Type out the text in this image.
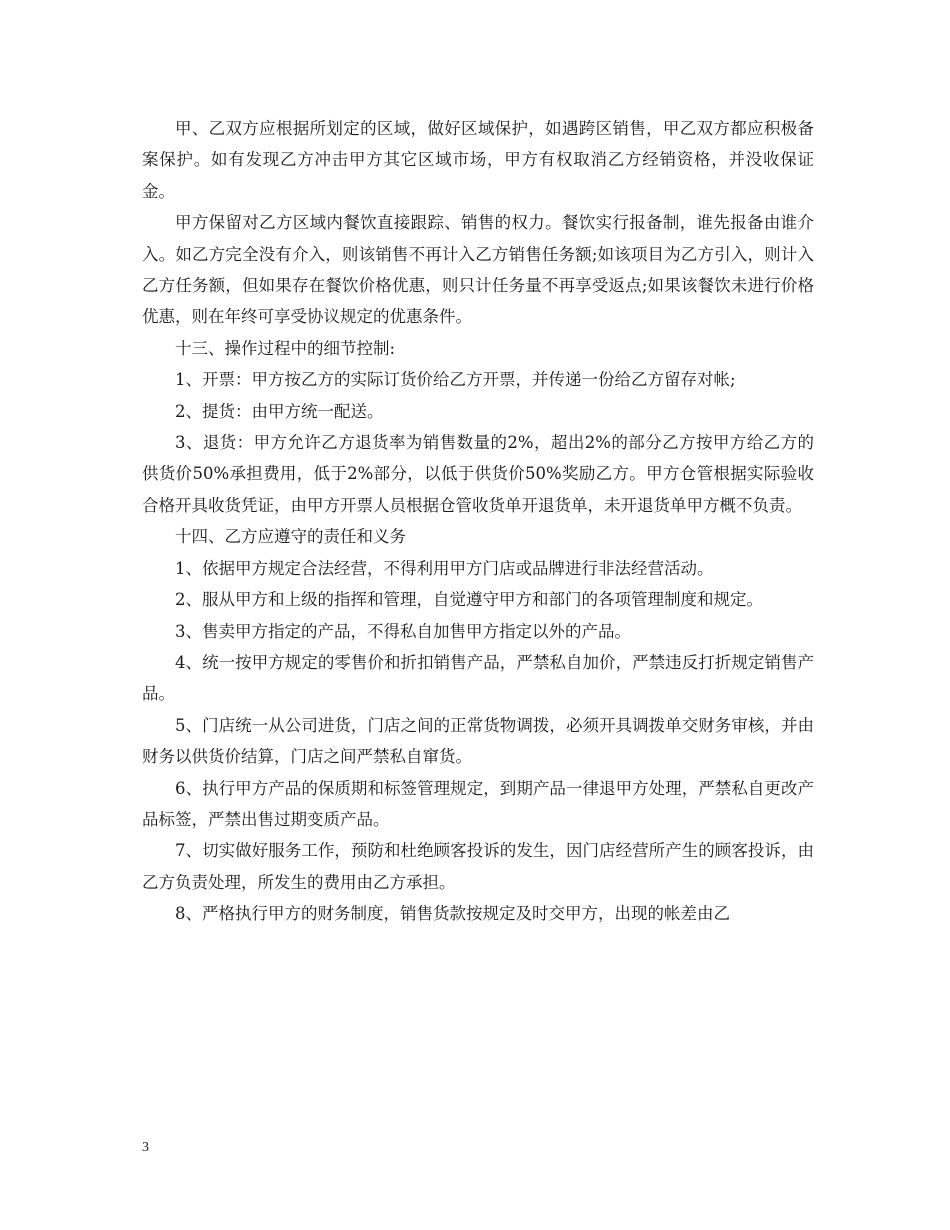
甲、乙双方应根据所划定的区域，做好区域保护，如遇跨区销售，甲乙双方都应积极备案保护。如有发现乙方冲击甲方其它区域市场，甲方有权取消乙方经销资格，并没收保证金。

甲方保留对乙方区域内餐饮直接跟踪、销售的权力。餐饮实行报备制，谁先报备由谁介入。如乙方完全没有介入，则该销售不再计入乙方销售任务额;如该项目为乙方引入，则计入乙方任务额，但如果存在餐饮价格优惠，则只计任务量不再享受返点;如果该餐饮未进行价格优惠，则在年终可享受协议规定的优惠条件。

十三、操作过程中的细节控制:

1、开票：甲方按乙方的实际订货价给乙方开票，并传递一份给乙方留存对帐;

2、提货：由甲方统一配送。

3、退货：甲方允许乙方退货率为销售数量的2%，超出2%的部分乙方按甲方给乙方的供货价50%承担费用，低于2%部分，以低于供货价50%奖励乙方。甲方仓管根据实际验收合格开具收货凭证，由甲方开票人员根据仓管收货单开退货单，未开退货单甲方概不负责。

十四、乙方应遵守的责任和义务

1、依据甲方规定合法经营，不得利用甲方门店或品牌进行非法经营活动。

2、服从甲方和上级的指挥和管理，自觉遵守甲方和部门的各项管理制度和规定。

3、售卖甲方指定的产品，不得私自加售甲方指定以外的产品。

4、统一按甲方规定的零售价和折扣销售产品，严禁私自加价，严禁违反打折规定销售产品。

5、门店统一从公司进货，门店之间的正常货物调拨，必须开具调拨单交财务审核，并由财务以供货价结算，门店之间严禁私自窜货。

6、执行甲方产品的保质期和标签管理规定，到期产品一律退甲方处理，严禁私自更改产品标签，严禁出售过期变质产品。

7、切实做好服务工作，预防和杜绝顾客投诉的发生，因门店经营所产生的顾客投诉，由乙方负责处理，所发生的费用由乙方承担。

8、严格执行甲方的财务制度，销售货款按规定及时交甲方，出现的帐差由乙

3
